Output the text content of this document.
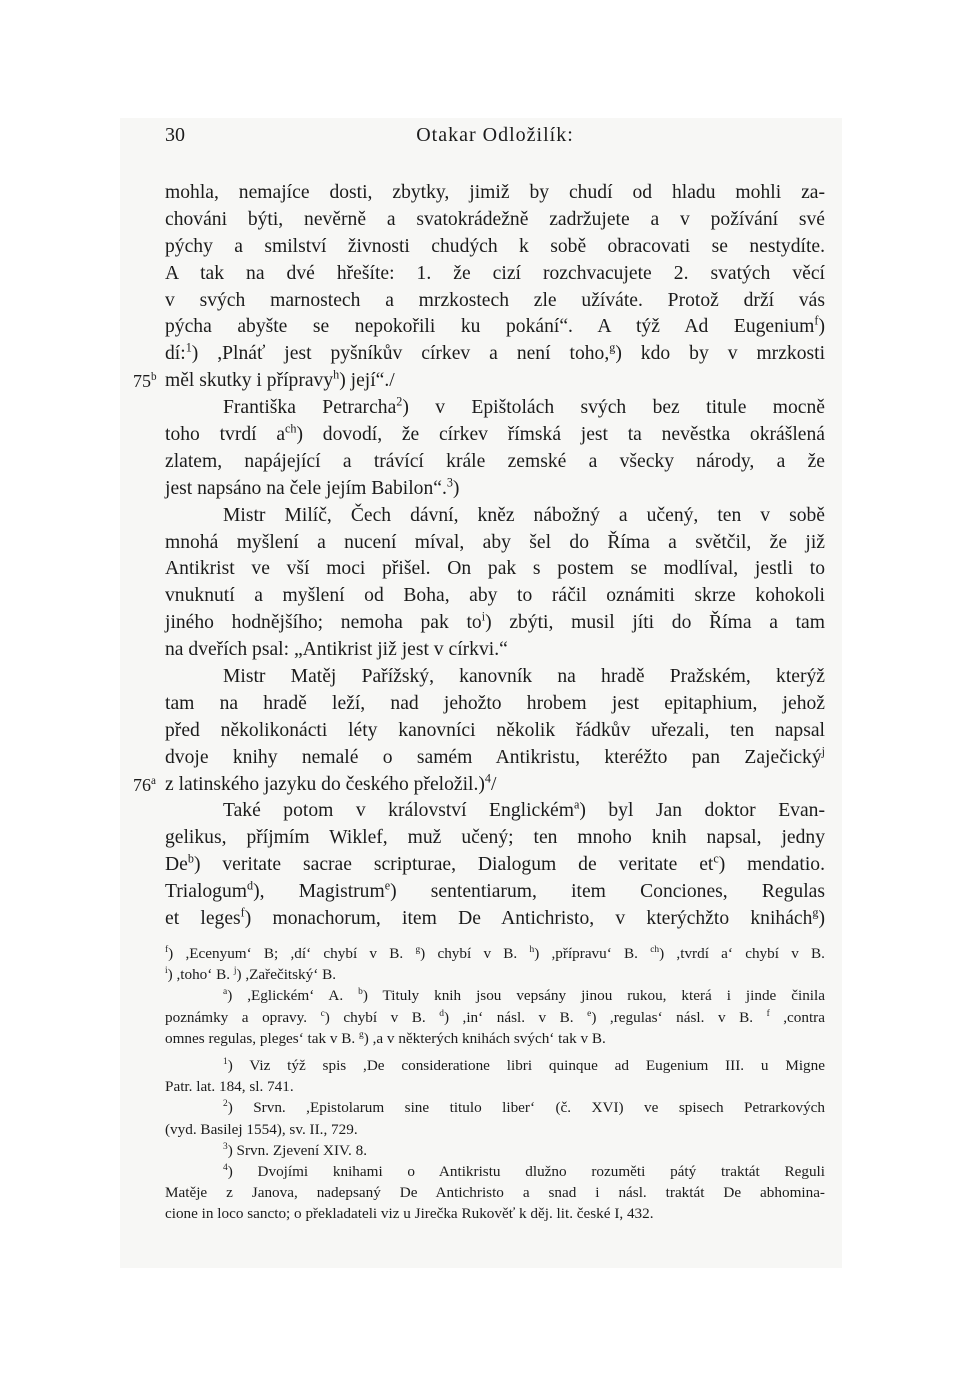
30	Otakar Odložilík:
mohla, nemajíce dosti, zbytky, jimiž by chudí od hladu mohli za-
chováni býti, nevěrně a svatokrádežně zadržujete a v požívání své
pýchy a smilství živnosti chudých k sobě obracovati se nestydíte.
A tak na dvé hřešíte: 1. že cizí rozchvacujete 2. svatých věcí
v svých marnostech a mrzkostech zle užíváte. Protož drží vás
pýcha abyšte se nepokořili ku pokání“. A týž Ad Eugenium$^f$)
dí:$^1$) ,Plnáť jest pyšníkův církev a není toho,$^g$) kdo by v mrzkosti
75$^b$ měl skutky i přípravy$^h$) její“./
Františka Petrarcha$^2$) v Epištolách svých bez titule mocně
toho tvrdí $a^{ch}$) dovodí, že církev římská jest ta nevěstka okrášlená
zlatem, napájející a trávící krále zemské a všecky národy, a že
jest napsáno na čele jejím Babilon“.$^3$)
Mistr Milíč, Čech dávní, kněz nábožný a učený, ten v sobě
mnohá myšlení a nucení míval, aby šel do Říma a světčil, že již
Antikrist ve vší moci přišel. On pak s postem se modlíval, jestli to
vnuknutí a myšlení od Boha, aby to ráčil oznámiti skrze kohokoli
jiného hodnějšího; nemoha pak $to^i$) zbýti, musil jíti do Říma a tam
na dveřích psal: „Antikrist již jest v církvi.“
Mistr Matěj Pařížský, kanovník na hradě Pražském, kterýž
tam na hradě leží, nad jehožto hrobem jest epitaphium, jehož
před několikonácti léty kanovníci několik řádkův uřezali, ten napsal
dvoje knihy nemalé o samém Antikristu, kteréžto pan Zaječický$^j$
76$^a$ z latinského jazyku do českého přeložil.)$^4$/
Také potom v království Englickém$^a$) byl Jan doktor Evan-
gelikus, příjmím Wiklef, muž učený; ten mnoho knih napsal, jedny
De$^b$) veritate sacrae scripturae, Dialogum de veritate $et^c$) mendatio.
Trialogum$^d$), Magistrum$^e$) sententiarum, item Conciones, Regulas
et leges$^f$) monachorum, item De Antichristo, v kterýchžto knihách$^g$)
$^f$) ,Ecenyum‘ B; ,dí‘ chybí v B. $^g$) chybí v B. $^h$) ,přípravu‘ B. $^{ch}$) ,tvrdí a‘ chybí v B.
$^i$) ,toho‘ B. $^j$) ,Zařečitský‘ B.
$^a$) ,Eglickém‘ A. $^b$) Tituly knih jsou vepsány jinou rukou, která i jinde činila
poznámky a opravy. $^c$) chybí v B. $^d$) ,in‘ násl. v B. $^e$) ,regulas‘ násl. v B. $^f$ ,contra
omnes regulas, pleges‘ tak v B. $^g$) ,a v některých knihách svých‘ tak v B.
$^1$) Viz týž spis ,De consideratione libri quinque ad Eugenium III. u Migne
Patr. lat. 184, sl. 741.
$^2$) Srvn. ,Epistolarum sine titulo liber‘ (č. XVI) ve spisech Petrarkových
(vyd. Basilej 1554), sv. II., 729.
$^3$) Srvn. Zjevení XIV. 8.
$^4$) Dvojími knihami o Antikristu dlužno rozuměti pátý traktát Reguli
Matěje z Janova, nadepsaný De Antichristo a snad i násl. traktát De abhomina-
cione in loco sancto; o překladateli viz u Jirečka Rukověť k děj. lit. české I, 432.
